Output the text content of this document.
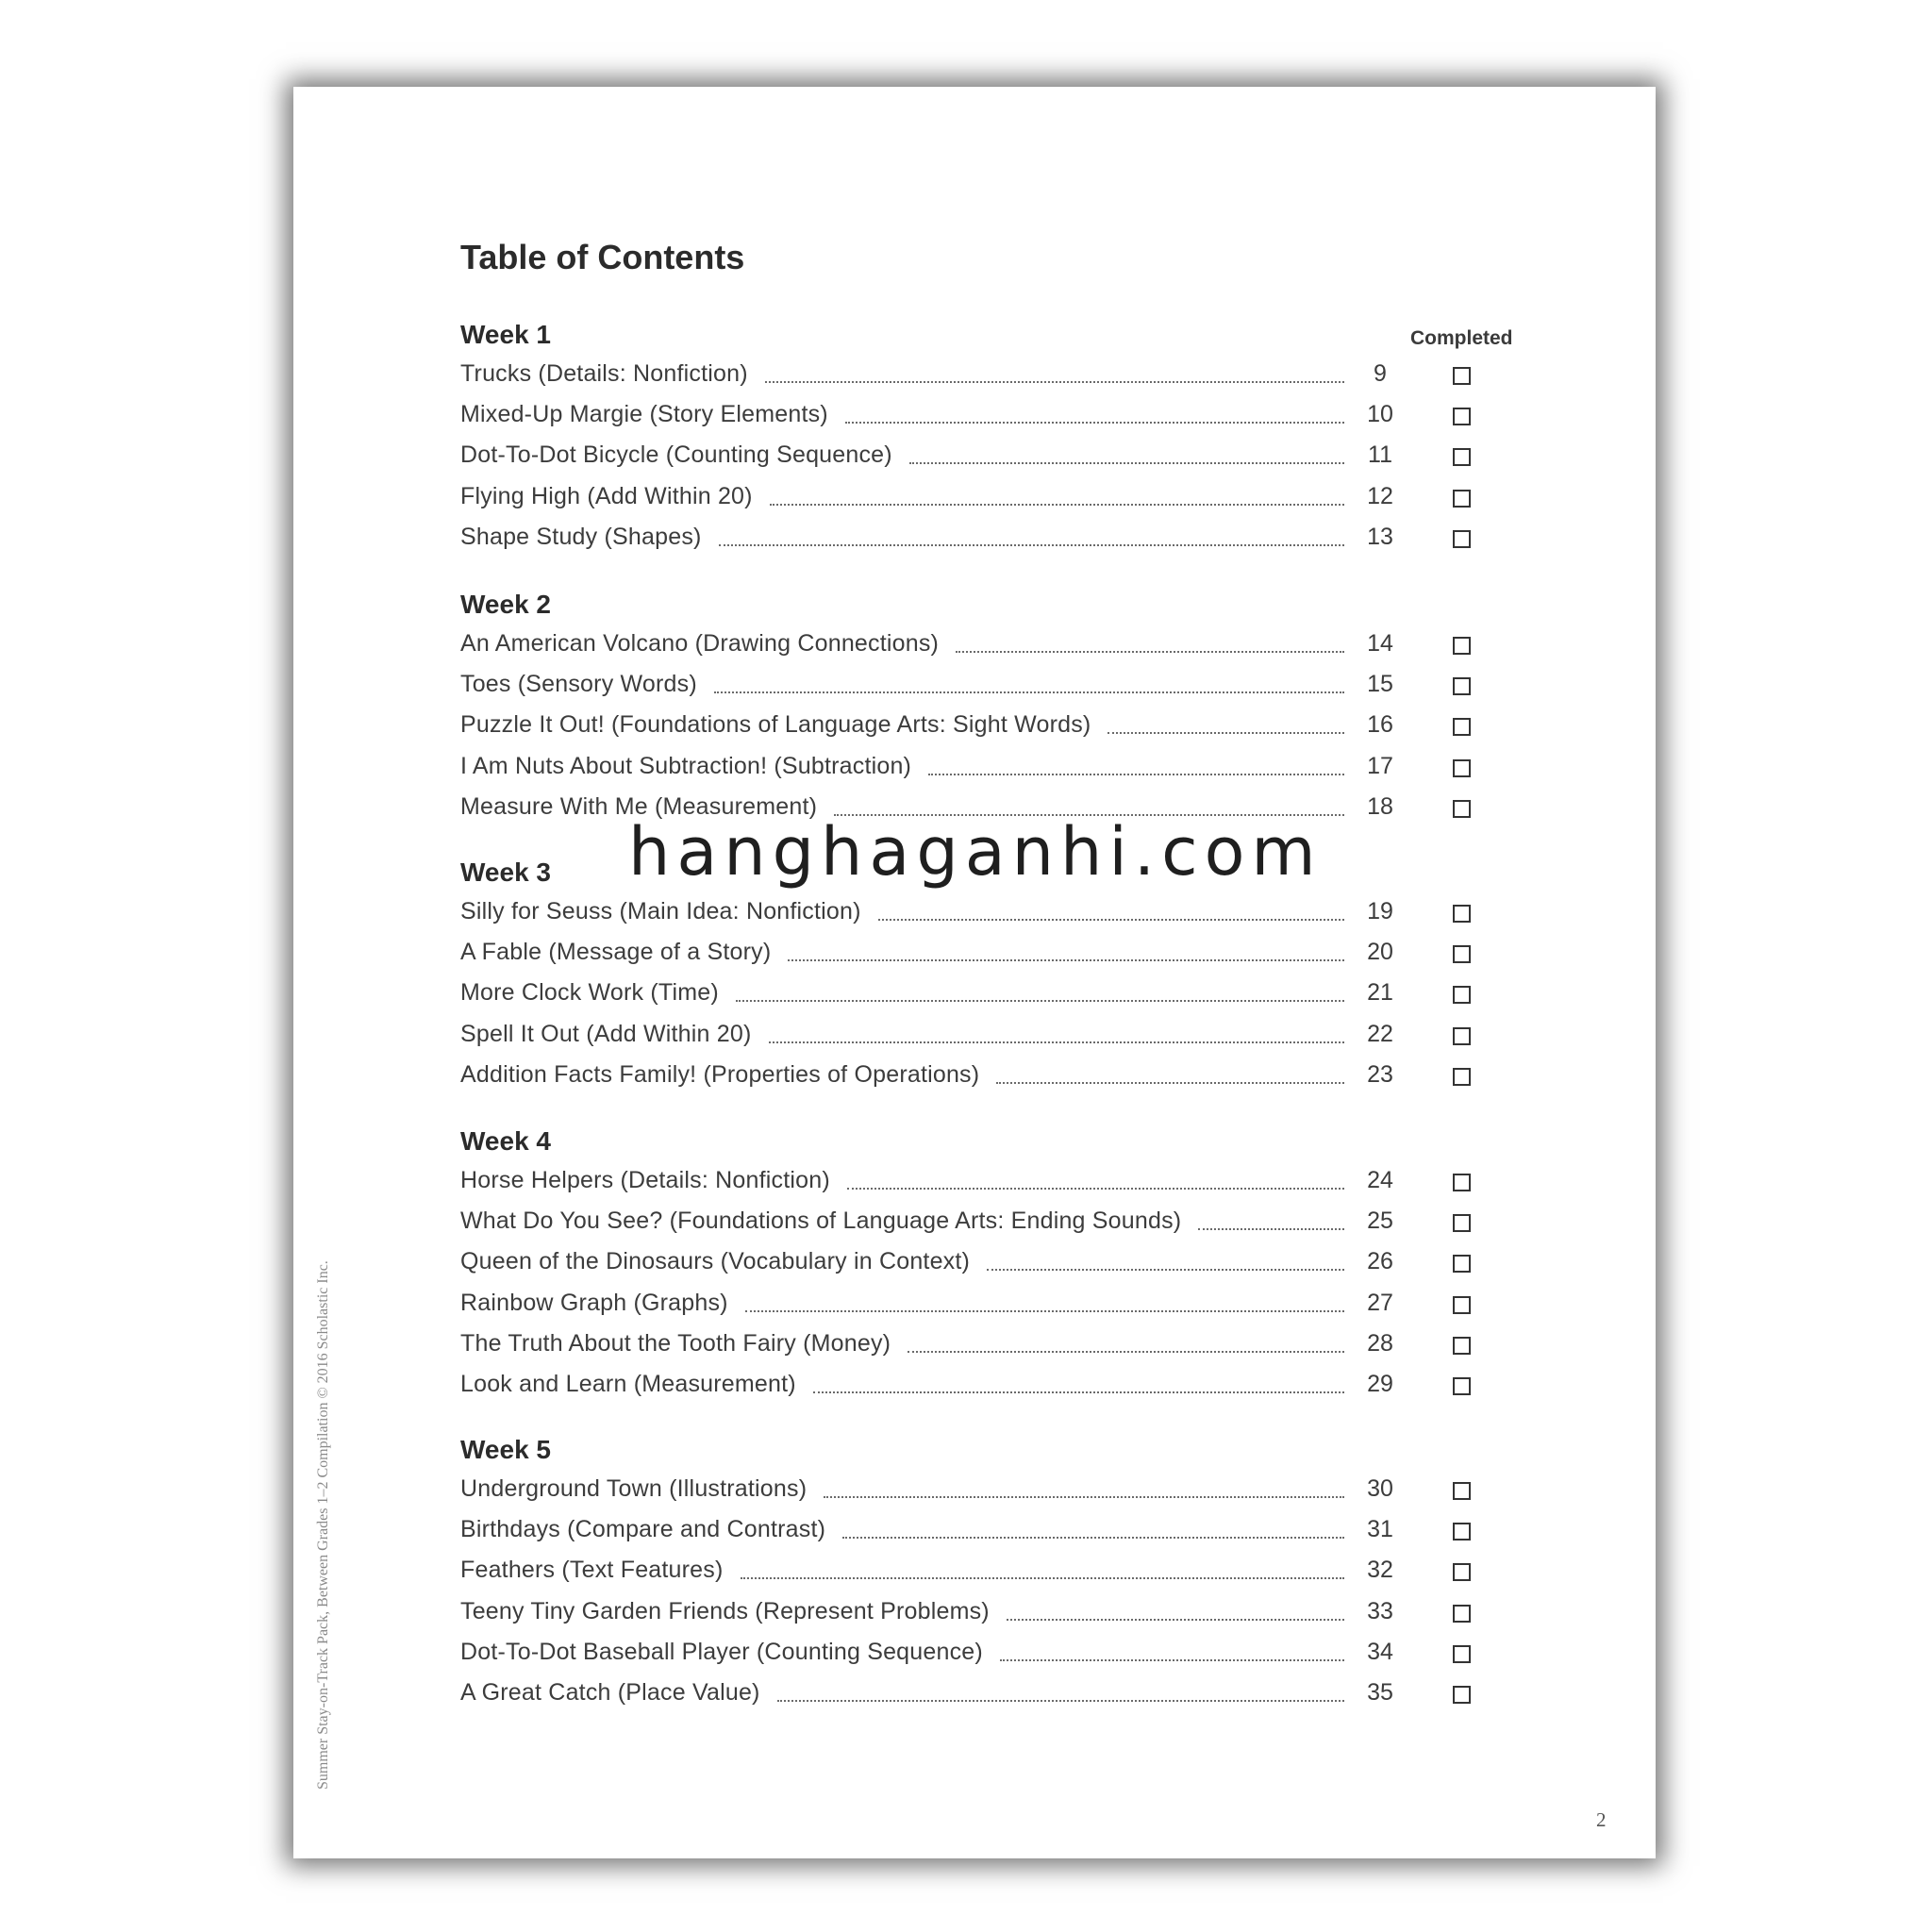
Summer Stay-on-Track Pack, Between Grades 1–2 Compilation © 2016 Scholastic Inc.
Table of Contents
Completed
Week 1
Trucks (Details: Nonfiction)	9
Mixed-Up Margie (Story Elements)	10
Dot-To-Dot Bicycle (Counting Sequence)	11
Flying High (Add Within 20)	12
Shape Study (Shapes)	13
Week 2
An American Volcano (Drawing Connections)	14
Toes (Sensory Words)	15
Puzzle It Out! (Foundations of Language Arts: Sight Words)	16
I Am Nuts About Subtraction! (Subtraction)	17
Measure With Me (Measurement)	18
Week 3
Silly for Seuss (Main Idea: Nonfiction)	19
A Fable (Message of a Story)	20
More Clock Work (Time)	21
Spell It Out (Add Within 20)	22
Addition Facts Family! (Properties of Operations)	23
Week 4
Horse Helpers (Details: Nonfiction)	24
What Do You See? (Foundations of Language Arts: Ending Sounds)	25
Queen of the Dinosaurs (Vocabulary in Context)	26
Rainbow Graph (Graphs)	27
The Truth About the Tooth Fairy (Money)	28
Look and Learn (Measurement)	29
Week 5
Underground Town (Illustrations)	30
Birthdays (Compare and Contrast)	31
Feathers (Text Features)	32
Teeny Tiny Garden Friends (Represent Problems)	33
Dot-To-Dot Baseball Player (Counting Sequence)	34
A Great Catch (Place Value)	35
2
hanghaganhi.com
